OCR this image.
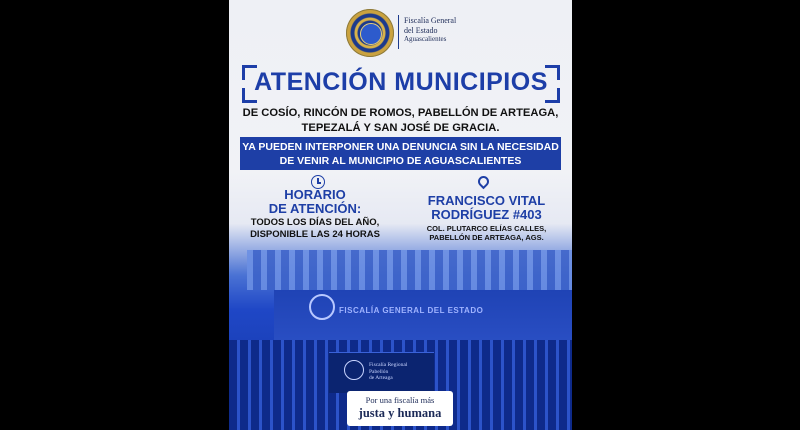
Fiscalía General
del Estado
Aguascalientes
ATENCIÓN MUNICIPIOS
DE COSÍO, RINCÓN DE ROMOS, PABELLÓN DE ARTEAGA,
TEPEZALÁ Y SAN JOSÉ DE GRACIA.
YA PUEDEN INTERPONER UNA DENUNCIA SIN LA NECESIDAD
DE VENIR AL MUNICIPIO DE AGUASCALIENTES
HORARIO
DE ATENCIÓN:
TODOS LOS DÍAS DEL AÑO,
DISPONIBLE LAS 24 HORAS
FRANCISCO VITAL
RODRÍGUEZ #403
COL. PLUTARCO ELÍAS CALLES,
PABELLÓN DE ARTEAGA, AGS.
FISCALÍA GENERAL DEL ESTADO
Fiscalía Regional
Pabellón
de Arteaga
Por una fiscalía más
justa y humana
